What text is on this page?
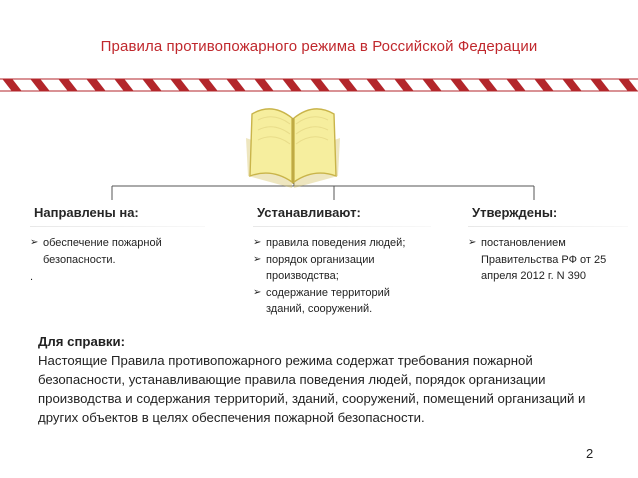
Правила противопожарного режима в Российской Федерации
Направлены на:
➢ обеспечение пожарной безопасности.
.
Устанавливают:
➢ правила поведения людей;
➢ порядок организации производства;
➢ содержание территорий зданий, сооружений.
Утверждены:
➢ постановлением Правительства РФ от 25 апреля 2012 г. N 390
Для справки:
Настоящие Правила противопожарного режима содержат требования пожарной безопасности, устанавливающие правила поведения людей, порядок организации производства и содержания территорий, зданий, сооружений, помещений организаций и других объектов в целях обеспечения пожарной безопасности.
2
